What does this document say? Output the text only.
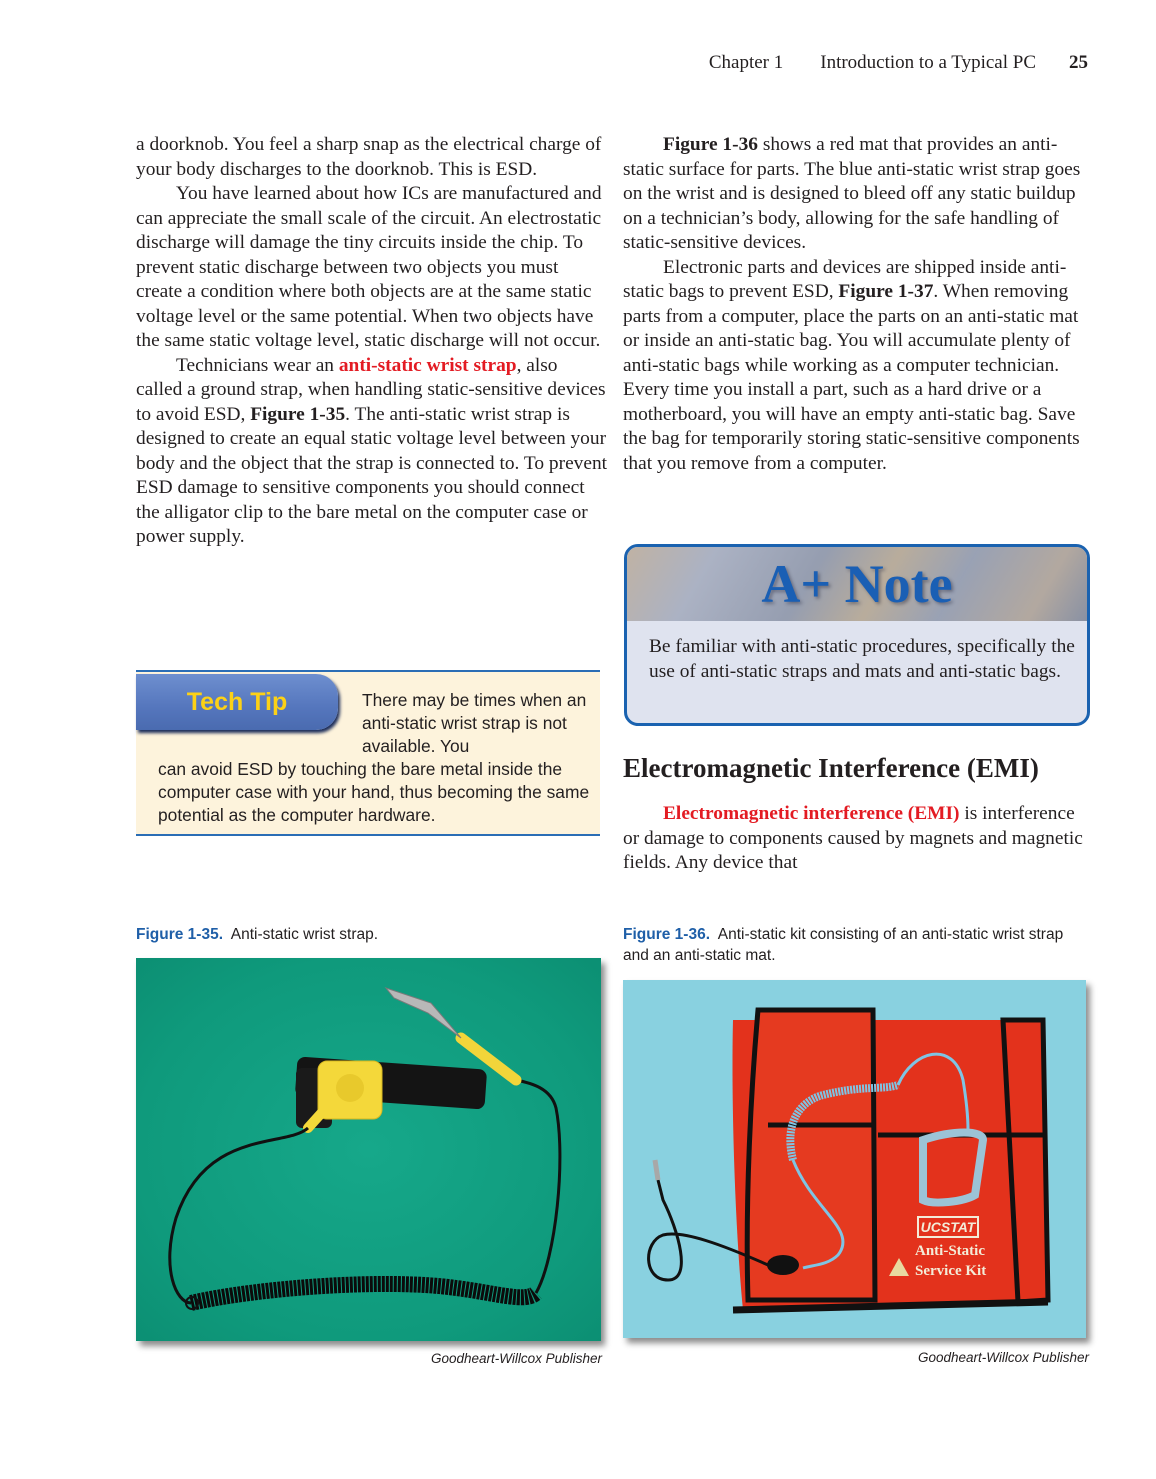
Chapter 1 Introduction to a Typical PC 25

a doorknob. You feel a sharp snap as the electrical charge of your body discharges to the doorknob. This is ESD.

You have learned about how ICs are manufactured and can appreciate the small scale of the circuit. An electrostatic discharge will damage the tiny circuits inside the chip. To prevent static discharge between two objects you must create a condition where both objects are at the same static voltage level or the same potential. When two objects have the same static voltage level, static discharge will not occur.

Technicians wear an anti-static wrist strap, also called a ground strap, when handling static-sensitive devices to avoid ESD, Figure 1-35. The anti-static wrist strap is designed to create an equal static voltage level between your body and the object that the strap is connected to. To prevent ESD damage to sensitive components you should connect the alligator clip to the bare metal on the computer case or power supply.

Tech Tip	There may be times when an anti-static wrist strap is not available. You
can avoid ESD by touching the bare metal inside the computer case with your hand, thus becoming the same potential as the computer hardware.

Figure 1-36 shows a red mat that provides an anti-static surface for parts. The blue anti-static wrist strap goes on the wrist and is designed to bleed off any static buildup on a technician’s body, allowing for the safe handling of static-sensitive devices.

Electronic parts and devices are shipped inside anti-static bags to prevent ESD, Figure 1-37. When removing parts from a computer, place the parts on an anti-static mat or inside an anti-static bag. You will accumulate plenty of anti-static bags while working as a computer technician. Every time you install a part, such as a hard drive or a motherboard, you will have an empty anti-static bag. Save the bag for temporarily storing static-sensitive components that you remove from a computer.

A+ Note
Be familiar with anti-static procedures, specifically the use of anti-static straps and mats and anti-static bags.
Electromagnetic Interference (EMI)

Electromagnetic interference (EMI) is interference or damage to components caused by magnets and magnetic fields. Any device that

Figure 1-35. Anti-static wrist strap.
Goodheart-Willcox Publisher
Figure 1-36. Anti-static kit consisting of an anti-static wrist strap and an anti-static mat.
UCSTAT
Anti-Static
Service Kit
Goodheart-Willcox Publisher
